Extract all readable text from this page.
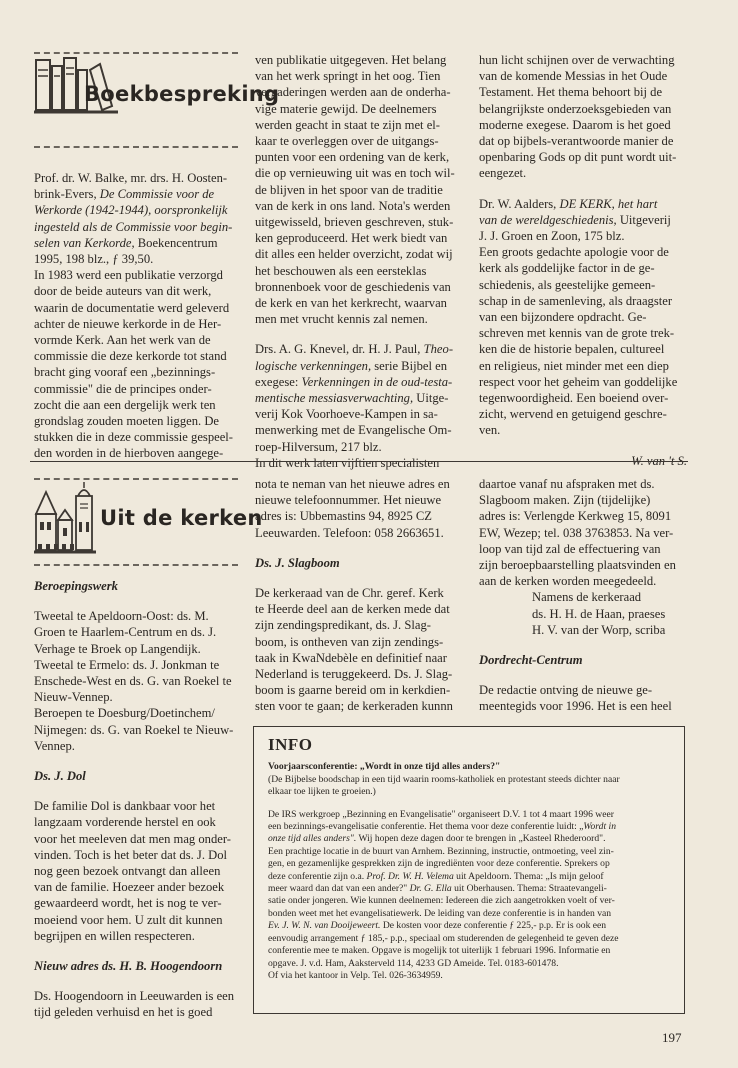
Boekbespreking

Prof. dr. W. Balke, mr. drs. H. Oosten-
brink-Evers, De Commissie voor de
Werkorde (1942-1944), oorspronkelijk
ingesteld als de Commissie voor begin-
selen van Kerkorde, Boekencentrum
1995, 198 blz., ƒ 39,50.

In 1983 werd een publikatie verzorgd
door de beide auteurs van dit werk,
waarin de documentatie werd geleverd
achter de nieuwe kerkorde in de Her-
vormde Kerk. Aan het werk van de
commissie die deze kerkorde tot stand
bracht ging vooraf een „bezinnings-
commissie" die de principes onder-
zocht die aan een dergelijk werk ten
grondslag zouden moeten liggen. De
stukken die in deze commissie gespeel-
den worden in de hierboven aangege-

ven publikatie uitgegeven. Het belang
van het werk springt in het oog. Tien
vergaderingen werden aan de onderha-
vige materie gewijd. De deelnemers
werden geacht in staat te zijn met el-
kaar te overleggen over de uitgangs-
punten voor een ordening van de kerk,
die op vernieuwing uit was en toch wil-
de blijven in het spoor van de traditie
van de kerk in ons land. Nota's werden
uitgewisseld, brieven geschreven, stuk-
ken geproduceerd. Het werk biedt van
dit alles een helder overzicht, zodat wij
het beschouwen als een eersteklas
bronnenboek voor de geschiedenis van
de kerk en van het kerkrecht, waarvan
men met vrucht kennis zal nemen.

Drs. A. G. Knevel, dr. H. J. Paul, Theo-
logische verkenningen, serie Bijbel en
exegese: Verkenningen in de oud-testa-
mentische messiasverwachting, Uitge-
verij Kok Voorhoeve-Kampen in sa-
menwerking met de Evangelische Om-
roep-Hilversum, 217 blz.
In dit werk laten vijftien specialisten

hun licht schijnen over de verwachting
van de komende Messias in het Oude
Testament. Het thema behoort bij de
belangrijkste onderzoeksgebieden van
moderne exegese. Daarom is het goed
dat op bijbels-verantwoorde manier de
openbaring Gods op dit punt wordt uit-
eengezet.

Dr. W. Aalders, DE KERK, het hart
van de wereldgeschiedenis, Uitgeverij
J. J. Groen en Zoon, 175 blz.
Een groots gedachte apologie voor de
kerk als goddelijke factor in de ge-
schiedenis, als geestelijke gemeen-
schap in de samenleving, als draagster
van een bijzondere opdracht. Ge-
schreven met kennis van de grote trek-
ken die de historie bepalen, cultureel
en religieus, niet minder met een diep
respect voor het geheim van goddelijke
tegenwoordigheid. Een boeiend over-
zicht, wervend en getuigend geschre-
ven.

W. van 't S.

Uit de kerken

Beroepingswerk

Tweetal te Apeldoorn-Oost: ds. M.
Groen te Haarlem-Centrum en ds. J.
Verhage te Broek op Langendijk.
Tweetal te Ermelo: ds. J. Jonkman te
Enschede-West en ds. G. van Roekel te
Nieuw-Vennep.
Beroepen te Doesburg/Doetinchem/
Nijmegen: ds. G. van Roekel te Nieuw-
Vennep.

Ds. J. Dol

De familie Dol is dankbaar voor het
langzaam vorderende herstel en ook
voor het meeleven dat men mag onder-
vinden. Toch is het beter dat ds. J. Dol
nog geen bezoek ontvangt dan alleen
van de familie. Hoezeer ander bezoek
gewaardeerd wordt, het is nog te ver-
moeiend voor hem. U zult dit kunnen
begrijpen en willen respecteren.

Nieuw adres ds. H. B. Hoogendoorn

Ds. Hoogendoorn in Leeuwarden is een
tijd geleden verhuisd en het is goed

nota te neman van het nieuwe adres en
nieuwe telefoonnummer. Het nieuwe
adres is: Ubbemastins 94, 8925 CZ
Leeuwarden. Telefoon: 058 2663651.

Ds. J. Slagboom

De kerkeraad van de Chr. geref. Kerk
te Heerde deel aan de kerken mede dat
zijn zendingspredikant, ds. J. Slag-
boom, is ontheven van zijn zendings-
taak in KwaNdebèle en definitief naar
Nederland is teruggekeerd. Ds. J. Slag-
boom is gaarne bereid om in kerkdien-
sten voor te gaan; de kerkeraden kunnn

daartoe vanaf nu afspraken met ds.
Slagboom maken. Zijn (tijdelijke)
adres is: Verlengde Kerkweg 15, 8091
EW, Wezep; tel. 038 3763853. Na ver-
loop van tijd zal de effectuering van
zijn beroepbaarstelling plaatsvinden en
aan de kerken worden meegedeeld.

Namens de kerkeraad
ds. H. H. de Haan, praeses
H. V. van der Worp, scriba

Dordrecht-Centrum

De redactie ontving de nieuwe ge-
meentegids voor 1996. Het is een heel

INFO

Voorjaarsconferentie: „Wordt in onze tijd alles anders?"

(De Bijbelse boodschap in een tijd waarin rooms-katholiek en protestant steeds dichter naar
elkaar toe lijken te groeien.)

De IRS werkgroep „Bezinning en Evangelisatie" organiseert D.V. 1 tot 4 maart 1996 weer
een bezinnings-evangelisatie conferentie. Het thema voor deze conferentie luidt: „Wordt in
onze tijd alles anders". Wij hopen deze dagen door te brengen in „Kasteel Rhederoord".
Een prachtige locatie in de buurt van Arnhem. Bezinning, instructie, ontmoeting, veel zin-
gen, en gezamenlijke gesprekken zijn de ingrediënten voor deze conferentie. Sprekers op
deze conferentie zijn o.a. Prof. Dr. W. H. Velema uit Apeldoorn. Thema: „Is mijn geloof
meer waard dan dat van een ander?" Dr. G. Ella uit Oberhausen. Thema: Straatevangeli-
satie onder jongeren. Wie kunnen deelnemen: Iedereen die zich aangetrokken voelt of ver-
bonden weet met het evangelisatiewerk. De leiding van deze conferentie is in handen van
Ev. J. W. N. van Dooijeweert. De kosten voor deze conferentie ƒ 225,- p.p. Er is ook een
eenvoudig arrangement ƒ 185,- p.p., speciaal om studerenden de gelegenheid te geven deze
conferentie mee te maken. Opgave is mogelijk tot uiterlijk 1 februari 1996. Informatie en
opgave. J. v.d. Ham, Aaksterveld 114, 4233 GD Ameide. Tel. 0183-601478.
Of via het kantoor in Velp. Tel. 026-3634959.

197
